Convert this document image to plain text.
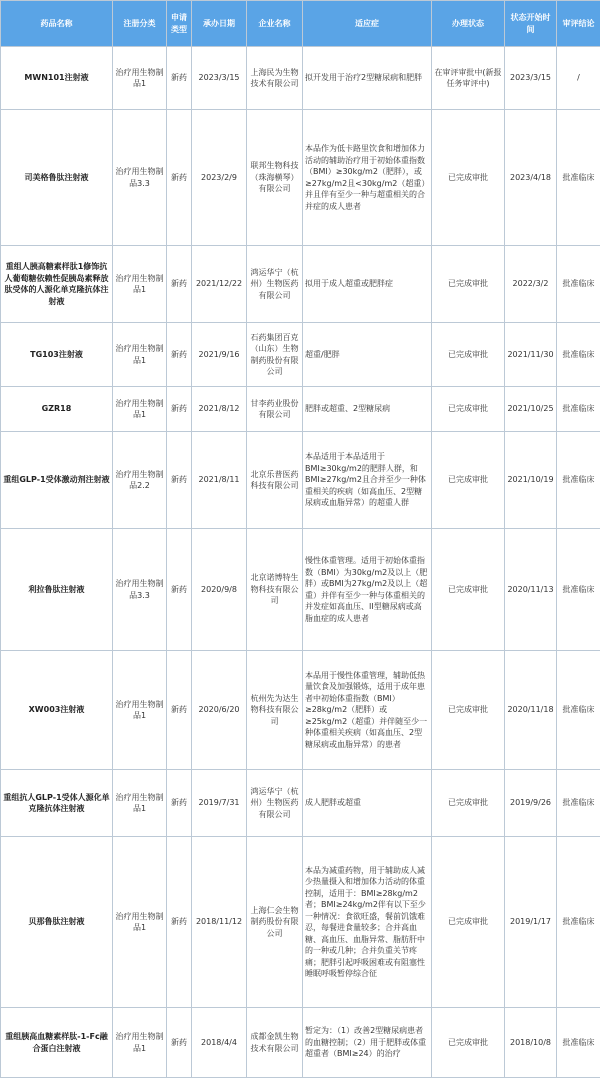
药品名称	注册分类	申请类型	承办日期	企业名称	适应症	办理状态	状态开始时间	审评结论
MWN101注射液	治疗用生物制品1	新药	2023/3/15	上海民为生物技术有限公司	拟开发用于治疗2型糖尿病和肥胖	在审评审批中(新报任务审评中)	2023/3/15	/
司美格鲁肽注射液	治疗用生物制品3.3	新药	2023/2/9	联邦生物科技（珠海横琴）有限公司	本品作为低卡路里饮食和增加体力活动的辅助治疗用于初始体重指数（BMI）≥30kg/m2（肥胖），或≥27kg/m2且<30kg/m2（超重）并且伴有至少一种与超重相关的合并症的成人患者	已完成审批	2023/4/18	批准临床
重组人胰高糖素样肽1修饰抗人葡萄糖依赖性促胰岛素释放肽受体的人源化单克隆抗体注射液	治疗用生物制品1	新药	2021/12/22	鸿运华宁（杭州）生物医药有限公司	拟用于成人超重或肥胖症	已完成审批	2022/3/2	批准临床
TG103注射液	治疗用生物制品1	新药	2021/9/16	石药集团百克（山东）生物制药股份有限公司	超重/肥胖	已完成审批	2021/11/30	批准临床
GZR18	治疗用生物制品1	新药	2021/8/12	甘李药业股份有限公司	肥胖或超重、2型糖尿病	已完成审批	2021/10/25	批准临床
重组GLP-1受体激动剂注射液	治疗用生物制品2.2	新药	2021/8/11	北京乐普医药科技有限公司	本品适用于本品适用于BMI≥30kg/m2的肥胖人群，和BMI≥27kg/m2且合并至少一种体重相关的疾病（如高血压、2型糖尿病或血脂异常）的超重人群	已完成审批	2021/10/19	批准临床
利拉鲁肽注射液	治疗用生物制品3.3	新药	2020/9/8	北京诺博特生物科技有限公司	慢性体重管理。适用于初始体重指数（BMI）为30kg/m2及以上（肥胖）或BMI为27kg/m2及以上（超重）并伴有至少一种与体重相关的并发症如高血压、II型糖尿病或高脂血症的成人患者	已完成审批	2020/11/13	批准临床
XW003注射液	治疗用生物制品1	新药	2020/6/20	杭州先为达生物科技有限公司	本品用于慢性体重管理，辅助低热量饮食及加强锻炼，适用于成年患者中初始体重指数（BMI）≥28kg/m2（肥胖）或≥25kg/m2（超重）并伴随至少一种体重相关疾病（如高血压、2型糖尿病或血脂异常）的患者	已完成审批	2020/11/18	批准临床
重组抗人GLP-1受体人源化单克隆抗体注射液	治疗用生物制品1	新药	2019/7/31	鸿运华宁（杭州）生物医药有限公司	成人肥胖或超重	已完成审批	2019/9/26	批准临床
贝那鲁肽注射液	治疗用生物制品1	新药	2018/11/12	上海仁会生物制药股份有限公司	本品为减重药物，用于辅助成人减少热量摄入和增加体力活动的体重控制，适用于：BMI≥28kg/m2者；BMI≥24kg/m2伴有以下至少一种情况：食欲旺盛，餐前饥饿难忍，每餐进食量较多；合并高血糖、高血压、血脂异常、脂肪肝中的一种或几种；合并负重关节疼痛；肥胖引起呼吸困难或有阻塞性睡眠呼吸暂停综合征	已完成审批	2019/1/17	批准临床
重组胰高血糖素样肽-1-Fc融合蛋白注射液	治疗用生物制品1	新药	2018/4/4	成都金凯生物技术有限公司	暂定为：（1）改善2型糖尿病患者的血糖控制；（2）用于肥胖或体重超重者（BMI≥24）的治疗	已完成审批	2018/10/8	批准临床
